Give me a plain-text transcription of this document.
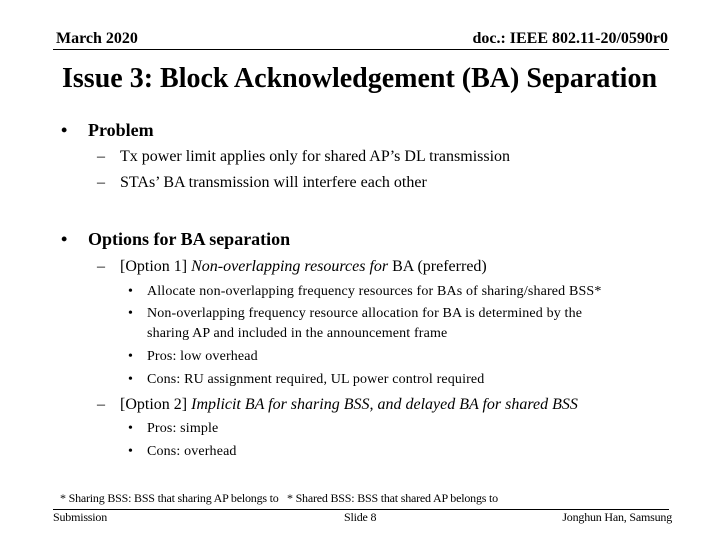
March 2020	doc.: IEEE 802.11-20/0590r0
Issue 3: Block Acknowledgement (BA) Separation
• Problem
– Tx power limit applies only for shared AP’s DL transmission
– STAs’ BA transmission will interfere each other
• Options for BA separation
– [Option 1] Non-overlapping resources for BA (preferred)
• Allocate non-overlapping frequency resources for BAs of sharing/shared BSS*
• Non-overlapping frequency resource allocation for BA is determined by the
sharing AP and included in the announcement frame
• Pros: low overhead
• Cons: RU assignment required, UL power control required
– [Option 2] Implicit BA for sharing BSS, and delayed BA for shared BSS
• Pros: simple
• Cons: overhead
* Sharing BSS: BSS that sharing AP belongs to   * Shared BSS: BSS that shared AP belongs to
Submission	Slide 8	Jonghun Han, Samsung
